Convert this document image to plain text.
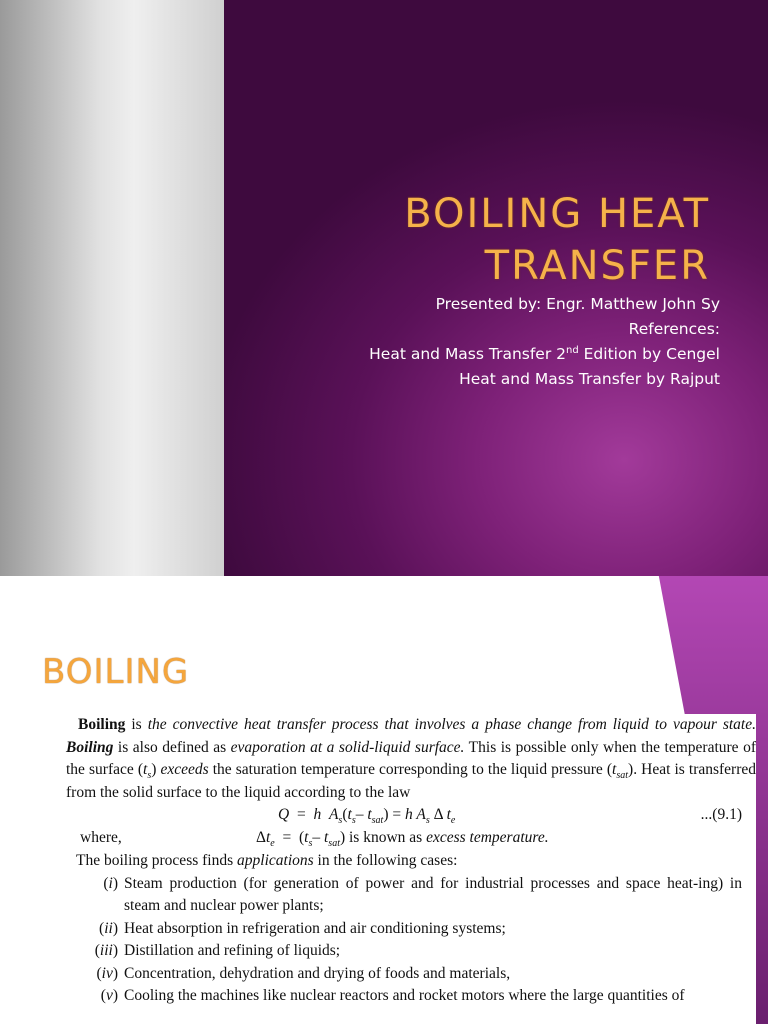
BOILING HEAT
TRANSFER
Presented by: Engr. Matthew John Sy
References:
Heat and Mass Transfer 2nd Edition by Cengel
Heat and Mass Transfer by Rajput
BOILING

Boiling is the convective heat transfer process that involves a phase change from liquid to vapour state. Boiling is also defined as evaporation at a solid-liquid surface. This is possible only when the temperature of the surface $(t_s)$ exceeds the saturation temperature corresponding to the liquid pressure $(t_{sat})$. Heat is transferred from the solid surface to the liquid according to the law

Q  =  h $A_s(t_s-$ $t_{sat}) = h$ $A_s$ Δ $t_e$	...(9.1)
where,	$\Delta t_e = (t_s-$ $t_{sat}$) is known as excess temperature.
The boiling process finds applications in the following cases:
(i) Steam production (for generation of power and for industrial processes and space heat-ing) in steam and nuclear power plants;
(ii) Heat absorption in refrigeration and air conditioning systems;
(iii) Distillation and refining of liquids;
(iv) Concentration, dehydration and drying of foods and materials,
(v) Cooling the machines like nuclear reactors and rocket motors where the large quantities of
